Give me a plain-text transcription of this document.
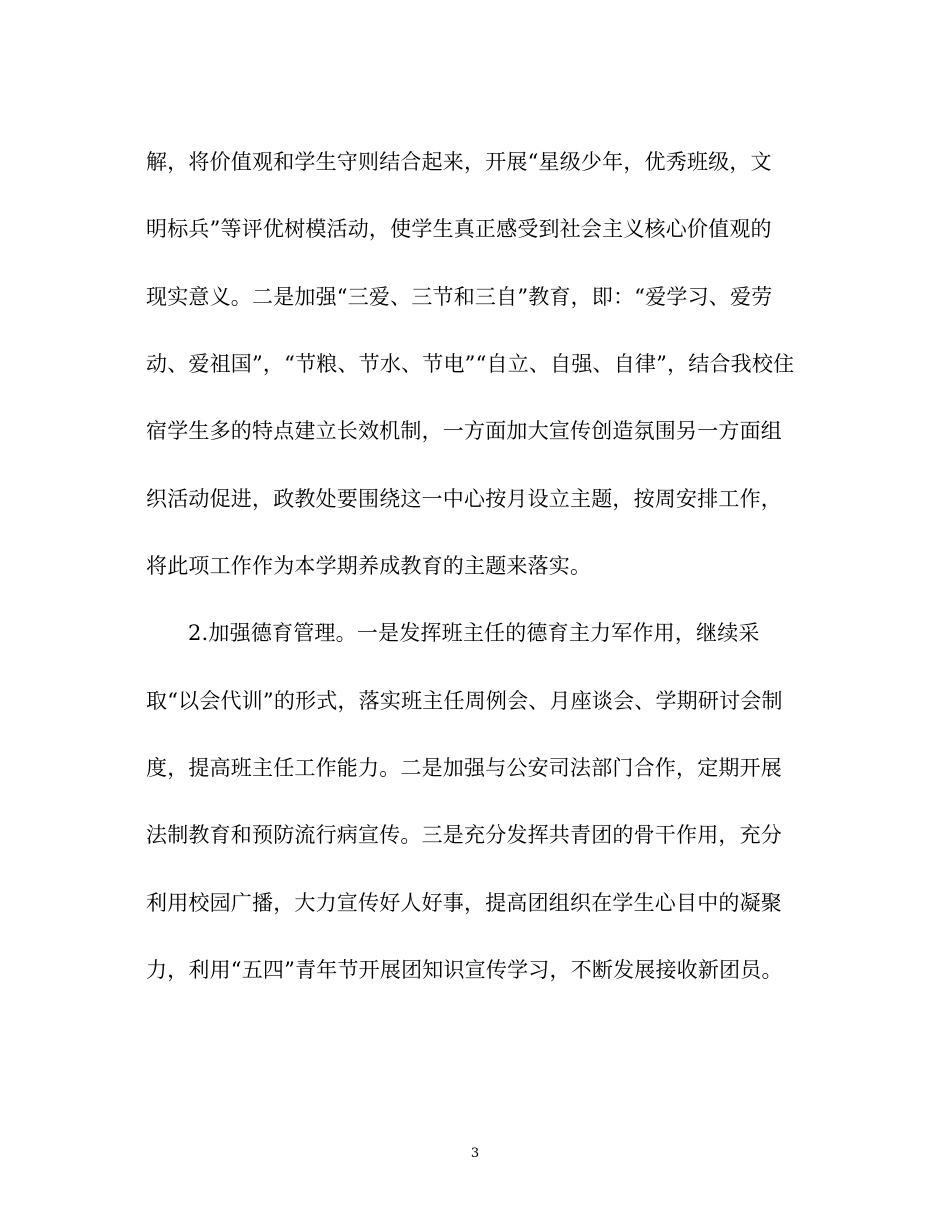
解，将价值观和学生守则结合起来，开展“星级少年，优秀班级，文
明标兵”等评优树模活动，使学生真正感受到社会主义核心价值观的
现实意义。二是加强“三爱、三节和三自”教育，即：“爱学习、爱劳
动、爱祖国”，“节粮、节水、节电”“自立、自强、自律”，结合我校住
宿学生多的特点建立长效机制，一方面加大宣传创造氛围另一方面组
织活动促进，政教处要围绕这一中心按月设立主题，按周安排工作，
将此项工作作为本学期养成教育的主题来落实。
2.加强德育管理。一是发挥班主任的德育主力军作用，继续采
取“以会代训”的形式，落实班主任周例会、月座谈会、学期研讨会制
度，提高班主任工作能力。二是加强与公安司法部门合作，定期开展
法制教育和预防流行病宣传。三是充分发挥共青团的骨干作用，充分
利用校园广播，大力宣传好人好事，提高团组织在学生心目中的凝聚
力，利用“五四”青年节开展团知识宣传学习，不断发展接收新团员。
3
